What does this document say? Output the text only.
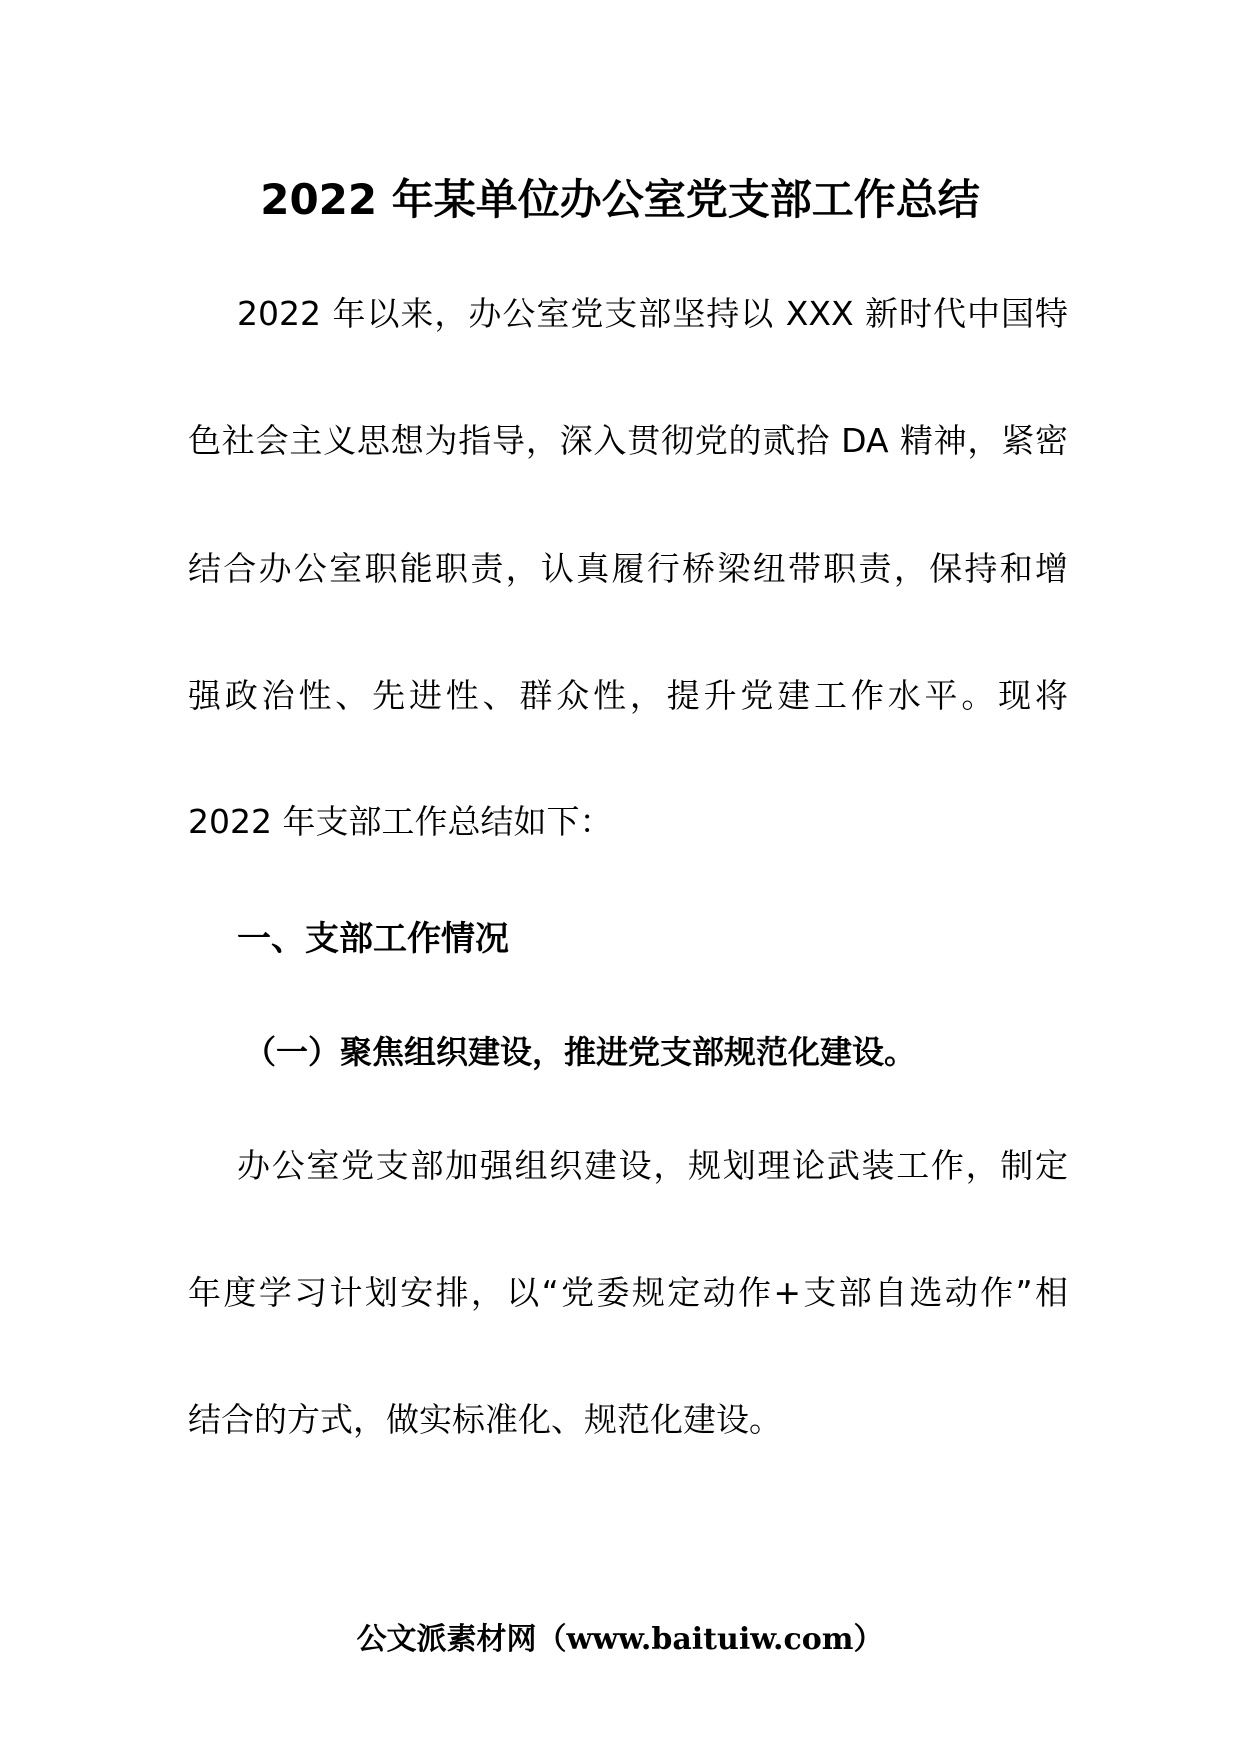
2022 年某单位办公室党支部工作总结
2022 年以来，办公室党支部坚持以 XXX 新时代中国特
色社会主义思想为指导，深入贯彻党的贰拾 DA 精神，紧密
结合办公室职能职责，认真履行桥梁纽带职责，保持和增
强政治性、先进性、群众性，提升党建工作水平。现将
2022 年支部工作总结如下：
一、支部工作情况
（一）聚焦组织建设，推进党支部规范化建设。
办公室党支部加强组织建设，规划理论武装工作，制定
年度学习计划安排，以“党委规定动作+支部自选动作”相
结合的方式，做实标准化、规范化建设。
公文派素材网（www.baituiw.com）
